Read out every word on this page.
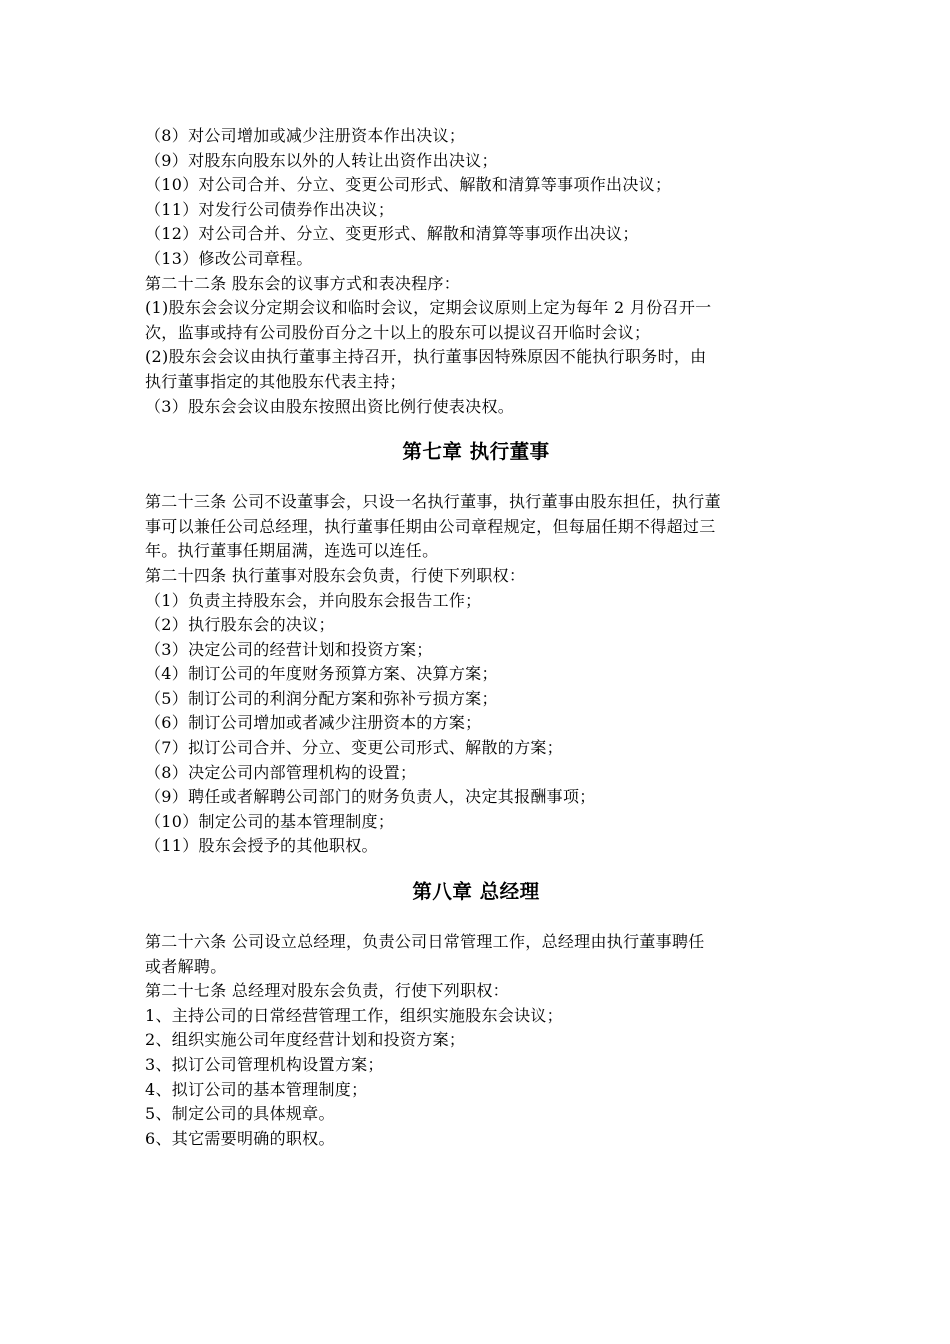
（8）对公司增加或减少注册资本作出决议；
（9）对股东向股东以外的人转让出资作出决议；
（10）对公司合并、分立、变更公司形式、解散和清算等事项作出决议；
（11）对发行公司债券作出决议；
（12）对公司合并、分立、变更形式、解散和清算等事项作出决议；
（13）修改公司章程。
第二十二条 股东会的议事方式和表决程序：
(1)股东会会议分定期会议和临时会议，定期会议原则上定为每年 2 月份召开一
次，监事或持有公司股份百分之十以上的股东可以提议召开临时会议；
(2)股东会会议由执行董事主持召开，执行董事因特殊原因不能执行职务时，由
执行董事指定的其他股东代表主持；
（3）股东会会议由股东按照出资比例行使表决权。
第七章 执行董事
第二十三条 公司不设董事会，只设一名执行董事，执行董事由股东担任，执行董
事可以兼任公司总经理，执行董事任期由公司章程规定，但每届任期不得超过三
年。执行董事任期届满，连选可以连任。
第二十四条 执行董事对股东会负责，行使下列职权：
（1）负责主持股东会，并向股东会报告工作；
（2）执行股东会的决议；
（3）决定公司的经营计划和投资方案；
（4）制订公司的年度财务预算方案、决算方案；
（5）制订公司的利润分配方案和弥补亏损方案；
（6）制订公司增加或者减少注册资本的方案；
（7）拟订公司合并、分立、变更公司形式、解散的方案；
（8）决定公司内部管理机构的设置；
（9）聘任或者解聘公司部门的财务负责人，决定其报酬事项；
（10）制定公司的基本管理制度；
（11）股东会授予的其他职权。
第八章 总经理
第二十六条 公司设立总经理，负责公司日常管理工作，总经理由执行董事聘任
或者解聘。
第二十七条 总经理对股东会负责，行使下列职权：
1、主持公司的日常经营管理工作，组织实施股东会诀议；
2、组织实施公司年度经营计划和投资方案；
3、拟订公司管理机构设置方案；
4、拟订公司的基本管理制度；
5、制定公司的具体规章。
6、其它需要明确的职权。
